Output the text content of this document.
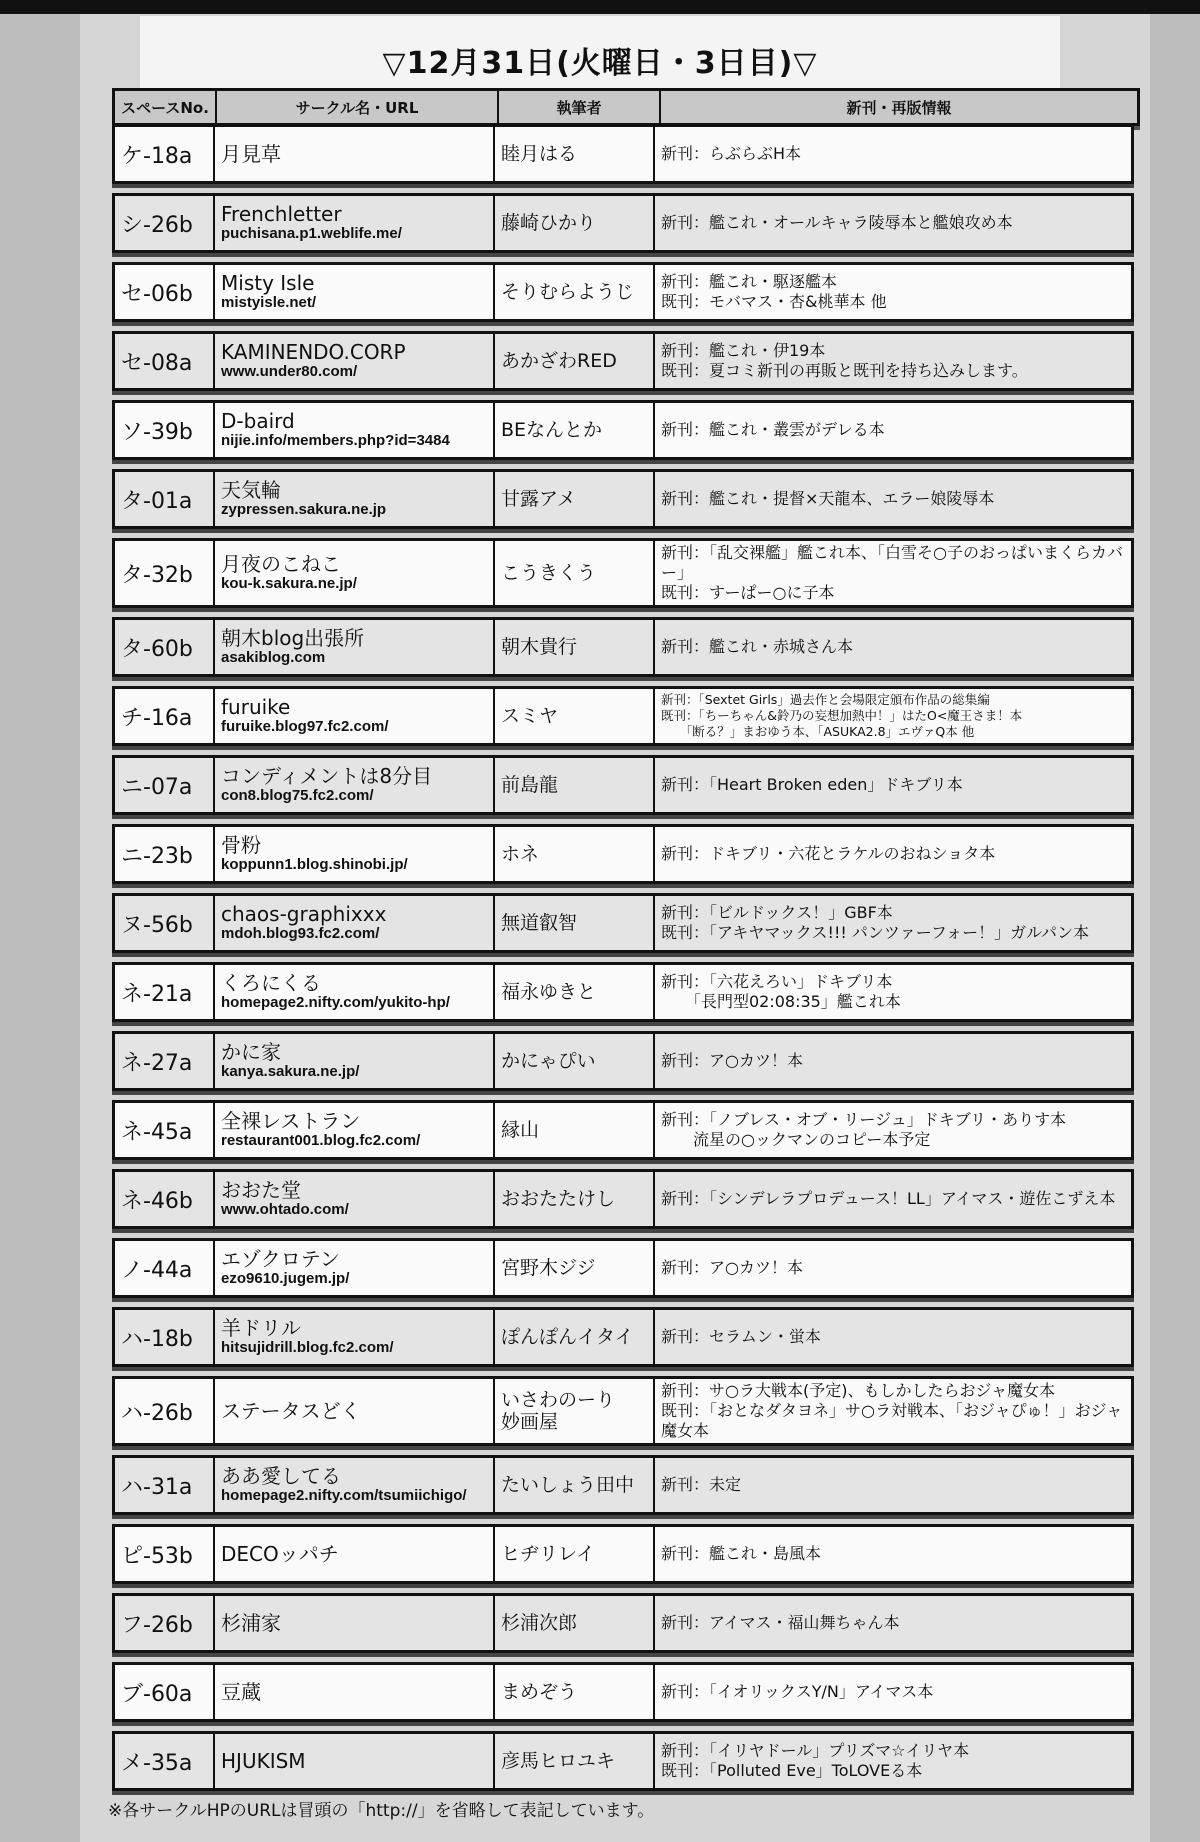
▽12月31日(火曜日・3日目)▽
スペースNo.	サークル名・URL	執筆者	新刊・再版情報
ケ-18a	月見草	睦月はる	新刊：らぶらぶH本
シ-26b	Frenchletter
puchisana.p1.weblife.me/	藤崎ひかり	新刊：艦これ・オールキャラ陵辱本と艦娘攻め本
セ-06b	Misty Isle
mistyisle.net/	そりむらようじ	新刊：艦これ・駆逐艦本
既刊：モバマス・杏&桃華本 他
セ-08a	KAMINENDO.CORP
www.under80.com/	あかざわRED	新刊：艦これ・伊19本
既刊：夏コミ新刊の再販と既刊を持ち込みします。
ソ-39b	D-baird
nijie.info/members.php?id=3484	BEなんとか	新刊：艦これ・叢雲がデレる本
タ-01a	天気輪
zypressen.sakura.ne.jp	甘露アメ	新刊：艦これ・提督×天龍本、エラー娘陵辱本
タ-32b	月夜のこねこ
kou-k.sakura.ne.jp/	こうきくう
新刊：「乱交裸艦」艦これ本、「白雪そ○子のおっぱいまくらカバー」
既刊：すーぱー○に子本
タ-60b	朝木blog出張所
asakiblog.com	朝木貴行	新刊：艦これ・赤城さん本
チ-16a	furuike
furuike.blog97.fc2.com/	スミヤ
新刊：「Sextet Girls」過去作と会場限定頒布作品の総集編
既刊：「ちーちゃん&鈴乃の妄想加熱中！」はたO<魔王さま！本
　　「断る？」まおゆう本、「ASUKA2.8」エヴァQ本 他
ニ-07a	コンディメントは8分目
con8.blog75.fc2.com/	前島龍	新刊：「Heart Broken eden」ドキブリ本
ニ-23b	骨粉
koppunn1.blog.shinobi.jp/	ホネ	新刊：ドキブリ・六花とラケルのおねショタ本
ヌ-56b	chaos-graphixxx
mdoh.blog93.fc2.com/	無道叡智	新刊：「ビルドックス！」GBF本
既刊：「アキヤマックス!!! パンツァーフォー！」ガルパン本
ネ-21a	くろにくる
homepage2.nifty.com/yukito-hp/	福永ゆきと	新刊：「六花えろい」ドキブリ本
　　「長門型02:08:35」艦これ本
ネ-27a	かに家
kanya.sakura.ne.jp/	かにゃぴい	新刊：ア○カツ！本
ネ-45a	全裸レストラン
restaurant001.blog.fc2.com/	縁山	新刊：「ノブレス・オブ・リージュ」ドキブリ・ありす本
　　流星の○ックマンのコピー本予定
ネ-46b	おおた堂
www.ohtado.com/	おおたたけし	新刊：「シンデレラプロデュース！LL」アイマス・遊佐こずえ本
ノ-44a	エゾクロテン
ezo9610.jugem.jp/	宮野木ジジ	新刊：ア○カツ！本
ハ-18b	羊ドリル
hitsujidrill.blog.fc2.com/	ぽんぽんイタイ	新刊：セラムン・蛍本
ハ-26b	ステータスどく	いさわのーり
妙画屋
新刊：サ○ラ大戦本(予定)、もしかしたらおジャ魔女本
既刊：「おとなダタヨネ」サ○ラ対戦本、「おジャぴゅ！」おジャ魔女本
ハ-31a	ああ愛してる
homepage2.nifty.com/tsumiichigo/	たいしょう田中	新刊：未定
ピ-53b	DECOッパチ	ヒヂリレイ	新刊：艦これ・島風本
フ-26b	杉浦家	杉浦次郎	新刊：アイマス・福山舞ちゃん本
ブ-60a	豆蔵	まめぞう	新刊：「イオリックスY/N」アイマス本
メ-35a	HJUKISM	彦馬ヒロユキ	新刊：「イリヤドール」プリズマ☆イリヤ本
既刊：「Polluted Eve」ToLOVEる本
※各サークルHPのURLは冒頭の「http://」を省略して表記しています。
